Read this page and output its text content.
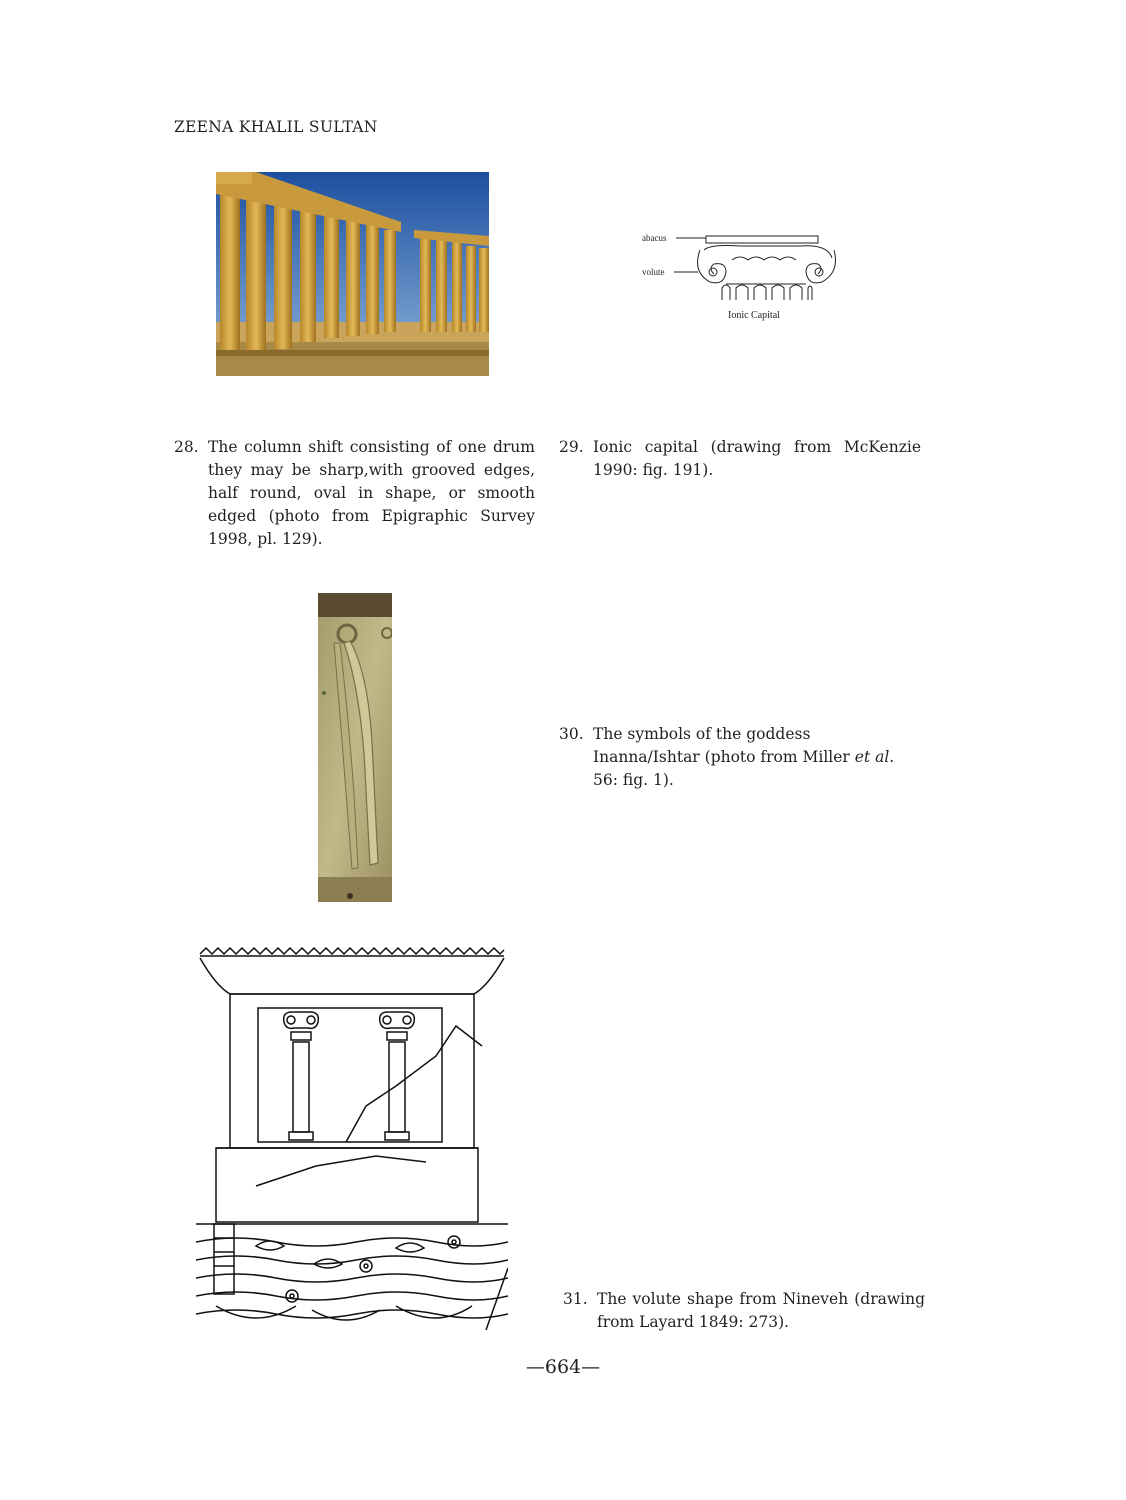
ZEENA KHALIL SULTAN
abacus
volute
Ionic Capital
28. The column shift consisting of one drum they may be sharp,with grooved edges, half round, oval in shape, or smooth edged (photo from Epigraphic Survey 1998, pl. 129).
29. Ionic capital (drawing from McKenzie 1990: fig. 191).
30. The symbols of the goddess Inanna/Ishtar (photo from Miller et al. 56: fig. 1).
31. The volute shape from Nineveh (drawing from Layard 1849: 273).
—664—
